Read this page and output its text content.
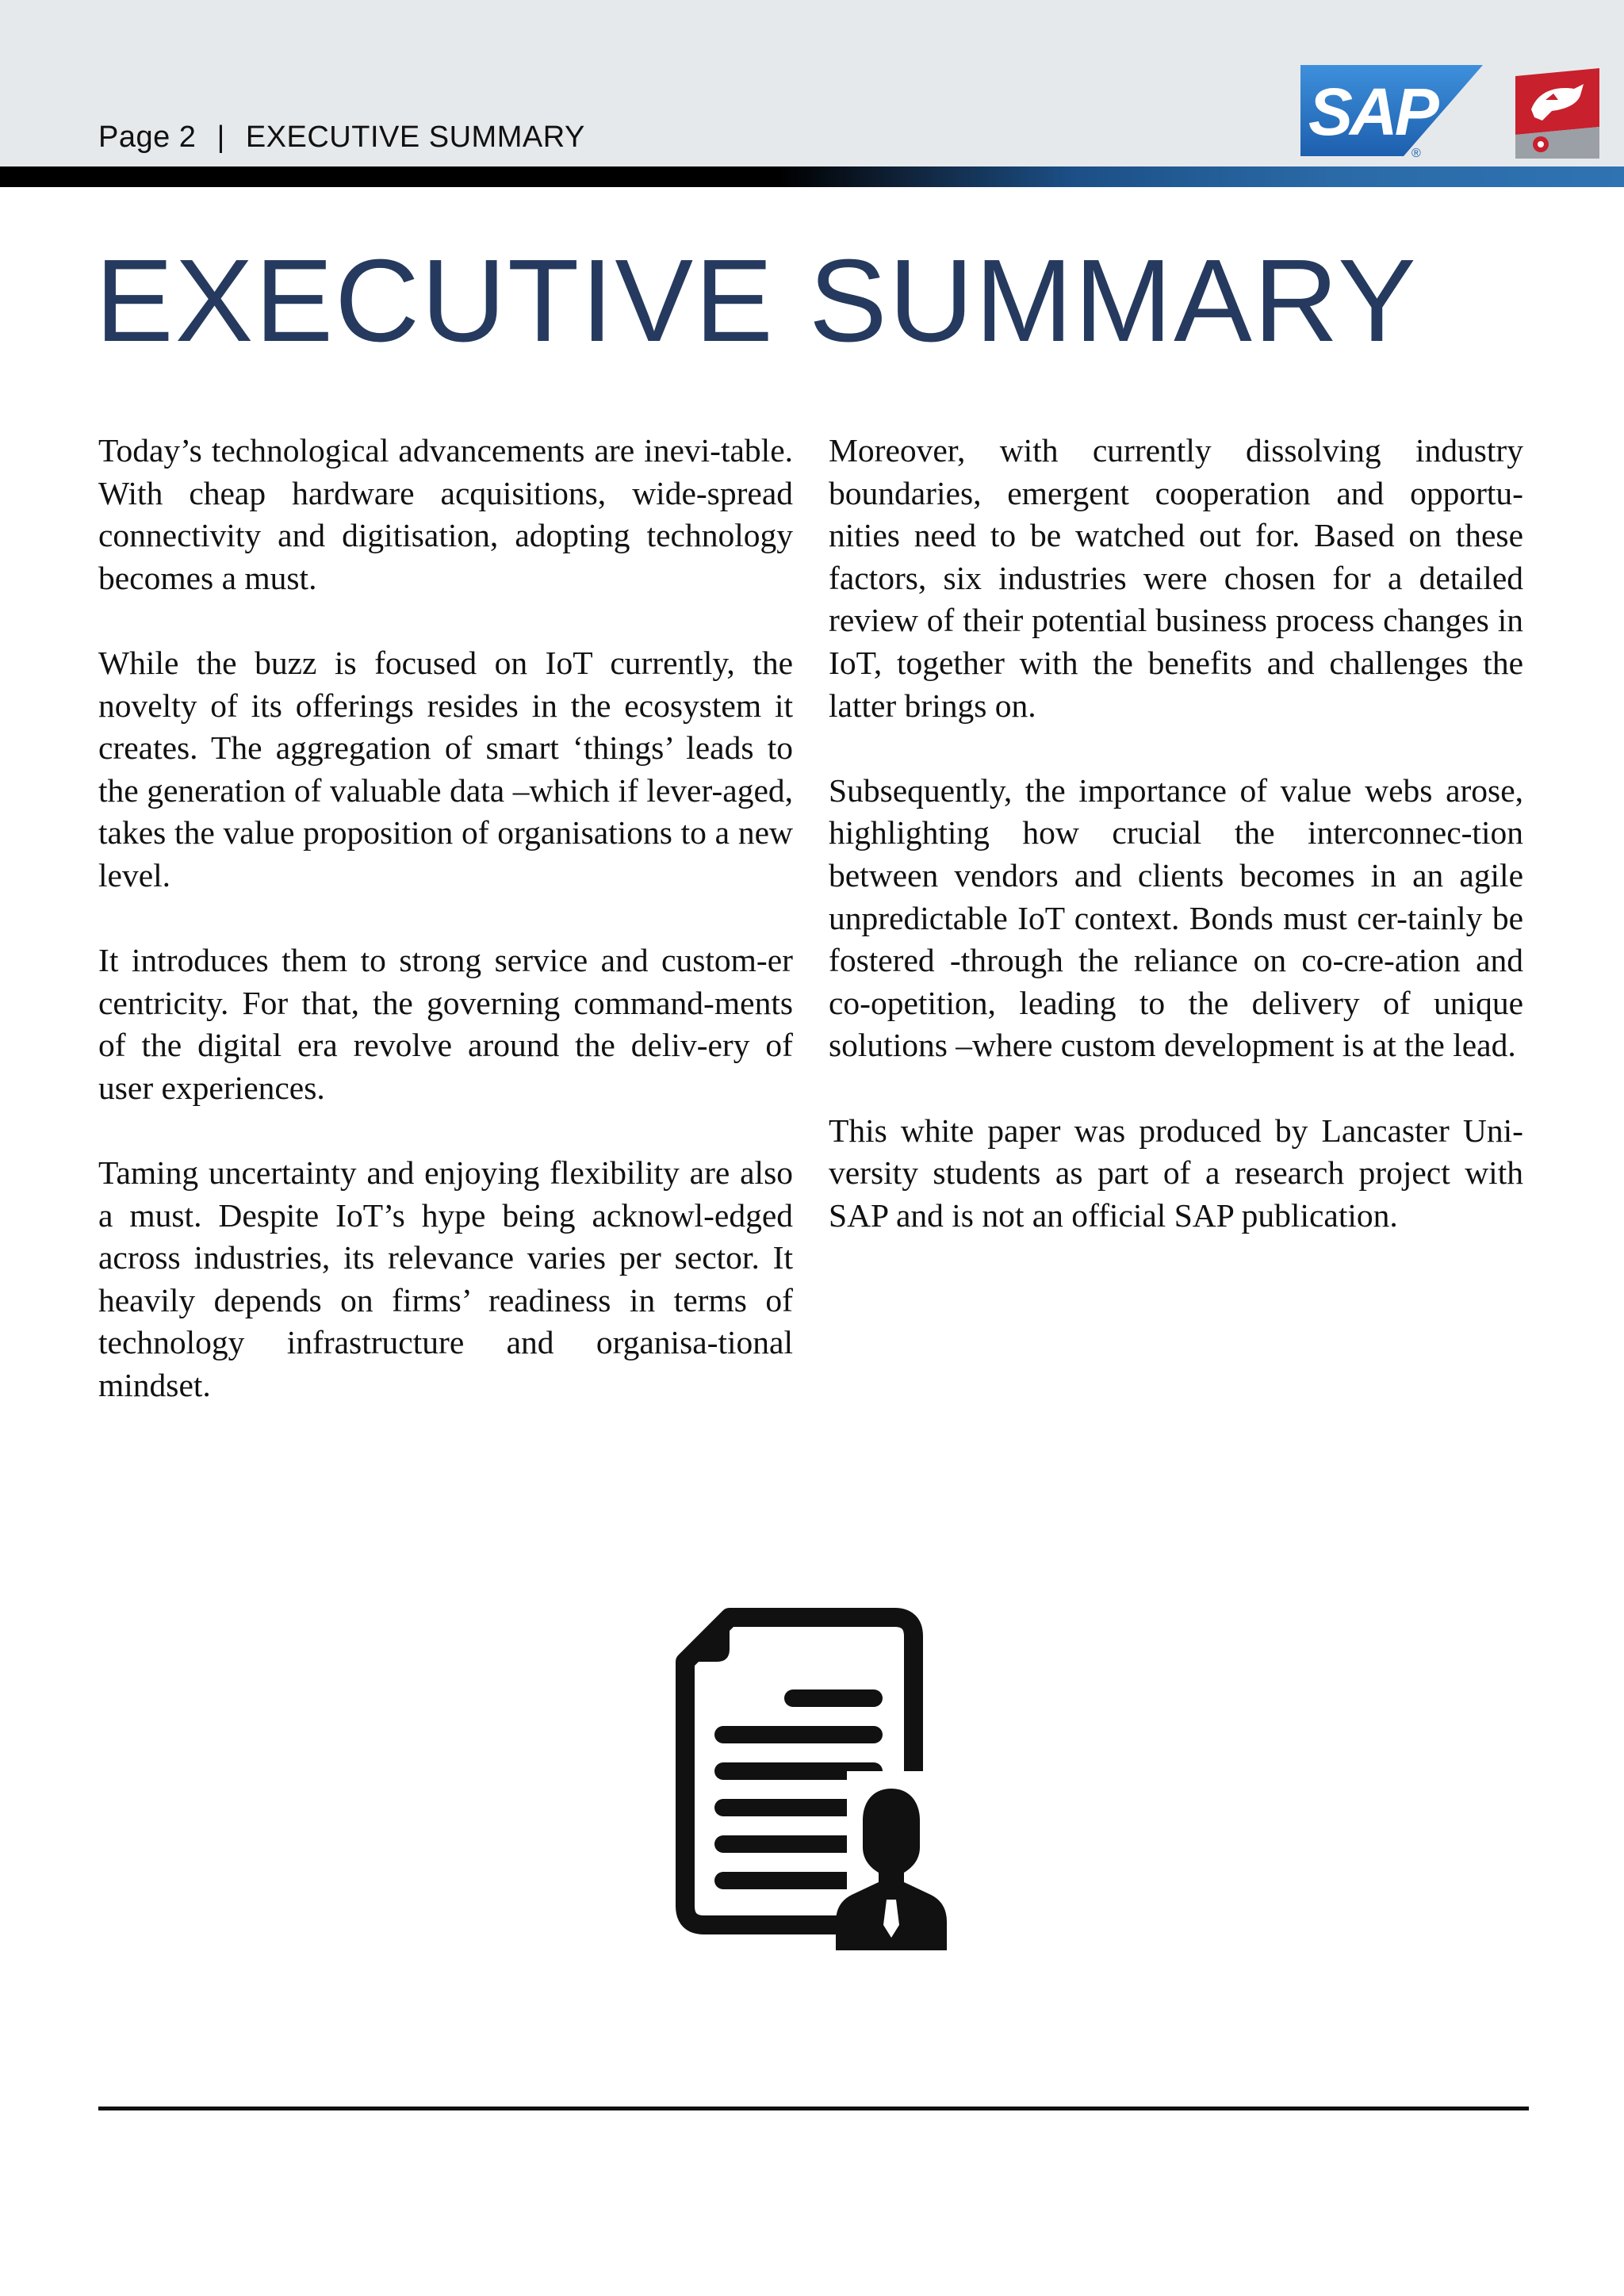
Page 2 | EXECUTIVE SUMMARY	SAP
®
EXECUTIVE SUMMARY

Today’s technological advancements are inevi-table. With cheap hardware acquisitions, wide-spread connectivity and digitisation, adopting technology becomes a must.

While the buzz is focused on IoT currently, the novelty of its offerings resides in the ecosystem it creates. The aggregation of smart ‘things’ leads to the generation of valuable data –which if lever-aged, takes the value proposition of organisations to a new level.

It introduces them to strong service and custom-er centricity. For that, the governing command-ments of the digital era revolve around the deliv-ery of user experiences.

Taming uncertainty and enjoying flexibility are also a must. Despite IoT’s hype being acknowl-edged across industries, its relevance varies per sector. It heavily depends on firms’ readiness in terms of technology infrastructure and organisa-tional mindset.

Moreover, with currently dissolving industry boundaries, emergent cooperation and opportu-nities need to be watched out for. Based on these factors, six industries were chosen for a detailed review of their potential business process changes in IoT, together with the benefits and challenges the latter brings on.

Subsequently, the importance of value webs arose, highlighting how crucial the interconnec-tion between vendors and clients becomes in an agile unpredictable IoT context. Bonds must cer-tainly be fostered -through the reliance on co-cre-ation and co-opetition, leading to the delivery of unique solutions –where custom development is at the lead.

This white paper was produced by Lancaster Uni-versity students as part of a research project with SAP and is not an official SAP publication.
